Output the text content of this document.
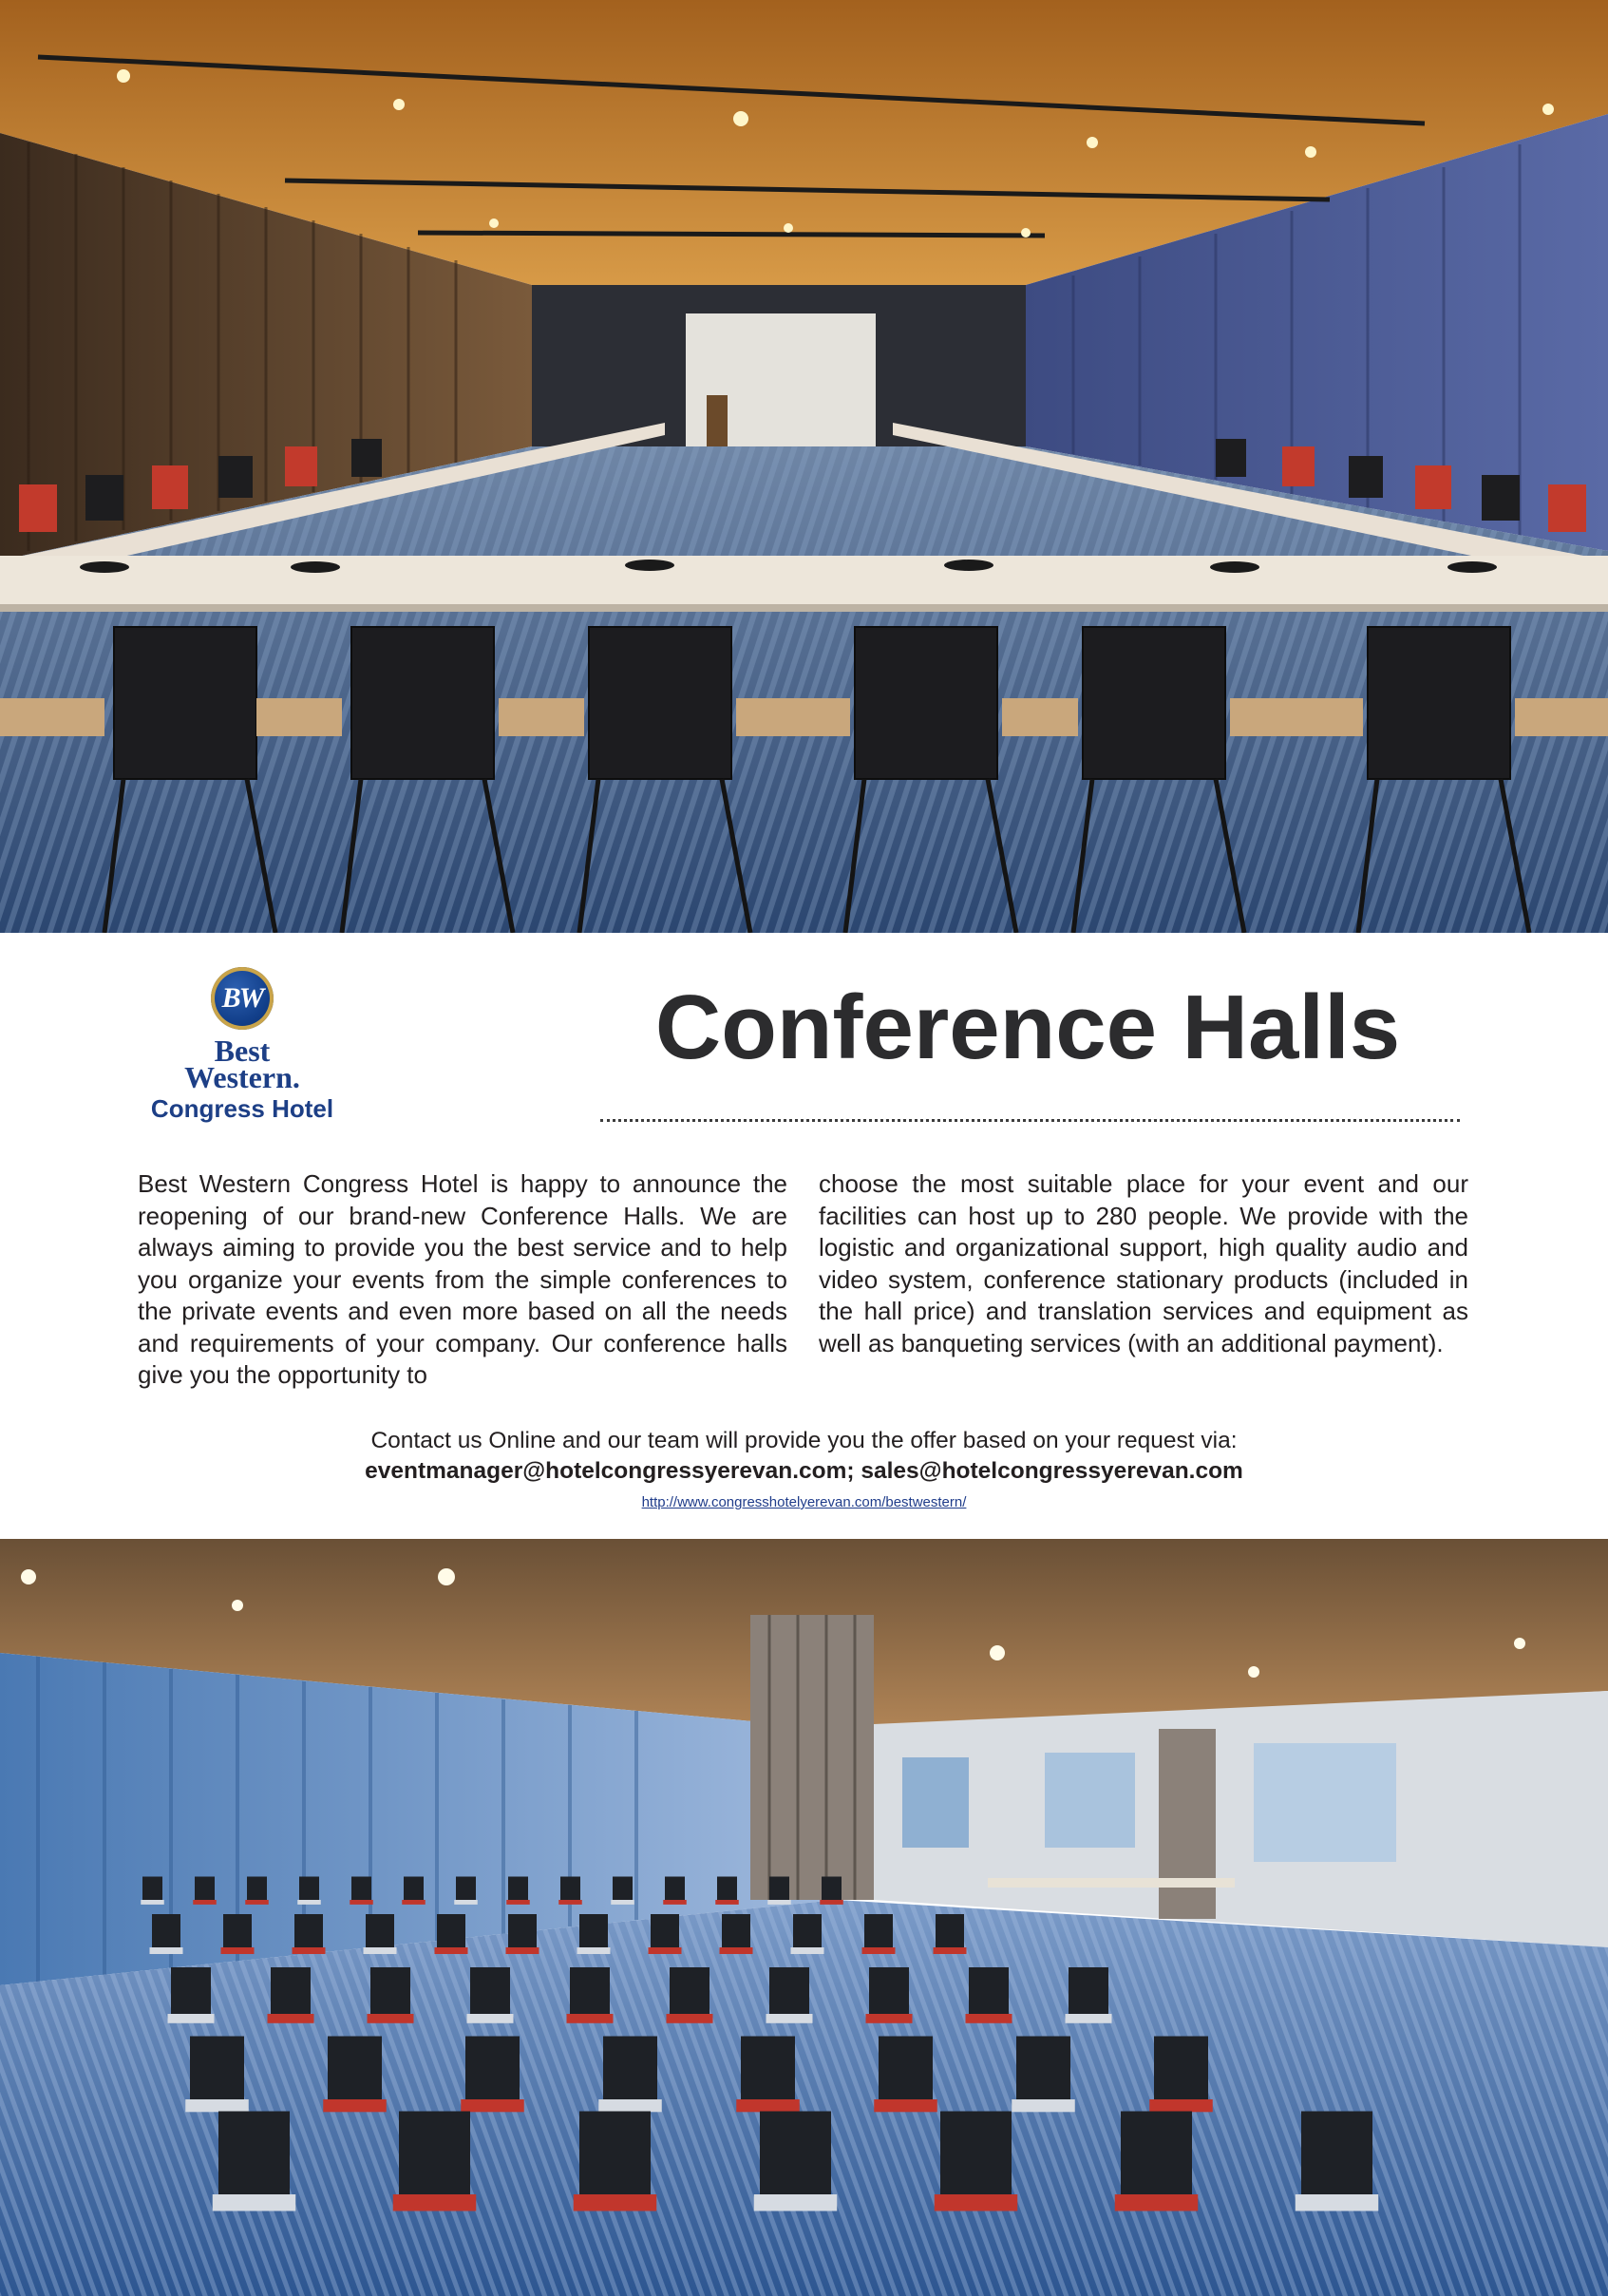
BW
Best
Western.
Congress Hotel
Conference Halls

Best Western Congress Hotel is happy to announce the reopening of our brand-new Conference Halls. We are always aiming to provide you the best service and to help you organize your events from the simple conferences to the private events and even more based on all the needs and requirements of your company. Our conference halls give you the opportunity to

choose the most suitable place for your event and our facilities can host up to 280 people. We provide with the logistic and organizational support, high quality audio and video system, conference stationary products (included in the hall price) and translation services and equipment as well as banqueting services (with an additional payment).

Contact us Online and our team will provide you the offer based on your request via:

eventmanager@hotelcongressyerevan.com; sales@hotelcongressyerevan.com

http://www.congresshotelyerevan.com/bestwestern/
